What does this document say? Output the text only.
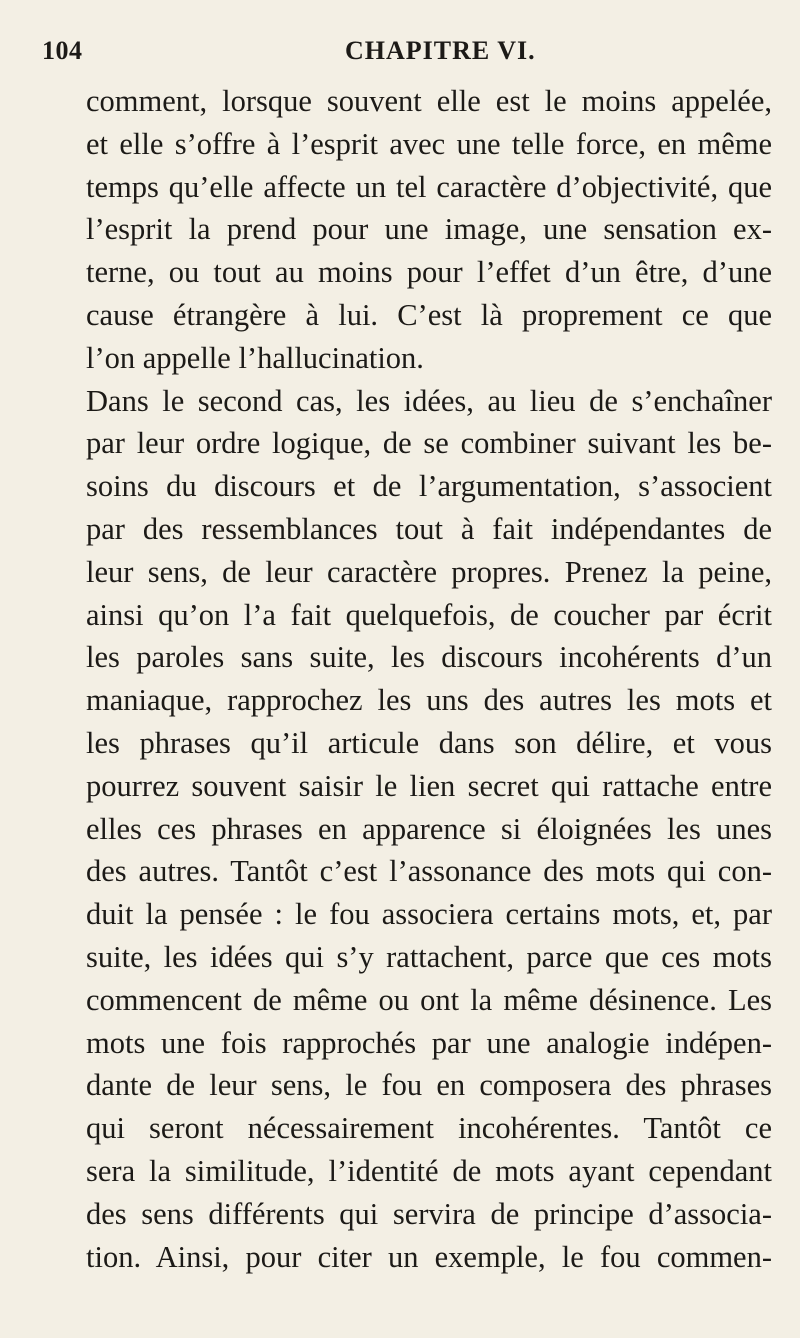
104	CHAPITRE VI.
comment, lorsque souvent elle est le moins appelée,
et elle s’offre à l’esprit avec une telle force, en même
temps qu’elle affecte un tel caractère d’objectivité, que
l’esprit la prend pour une image, une sensation ex-
terne, ou tout au moins pour l’effet d’un être, d’une
cause étrangère à lui. C’est là proprement ce que
l’on appelle l’hallucination.
Dans le second cas, les idées, au lieu de s’enchaîner
par leur ordre logique, de se combiner suivant les be-
soins du discours et de l’argumentation, s’associent
par des ressemblances tout à fait indépendantes de
leur sens, de leur caractère propres. Prenez la peine,
ainsi qu’on l’a fait quelquefois, de coucher par écrit
les paroles sans suite, les discours incohérents d’un
maniaque, rapprochez les uns des autres les mots et
les phrases qu’il articule dans son délire, et vous
pourrez souvent saisir le lien secret qui rattache entre
elles ces phrases en apparence si éloignées les unes
des autres. Tantôt c’est l’assonance des mots qui con-
duit la pensée : le fou associera certains mots, et, par
suite, les idées qui s’y rattachent, parce que ces mots
commencent de même ou ont la même désinence. Les
mots une fois rapprochés par une analogie indépen-
dante de leur sens, le fou en composera des phrases
qui seront nécessairement incohérentes. Tantôt ce
sera la similitude, l’identité de mots ayant cependant
des sens différents qui servira de principe d’associa-
tion. Ainsi, pour citer un exemple, le fou commen-
